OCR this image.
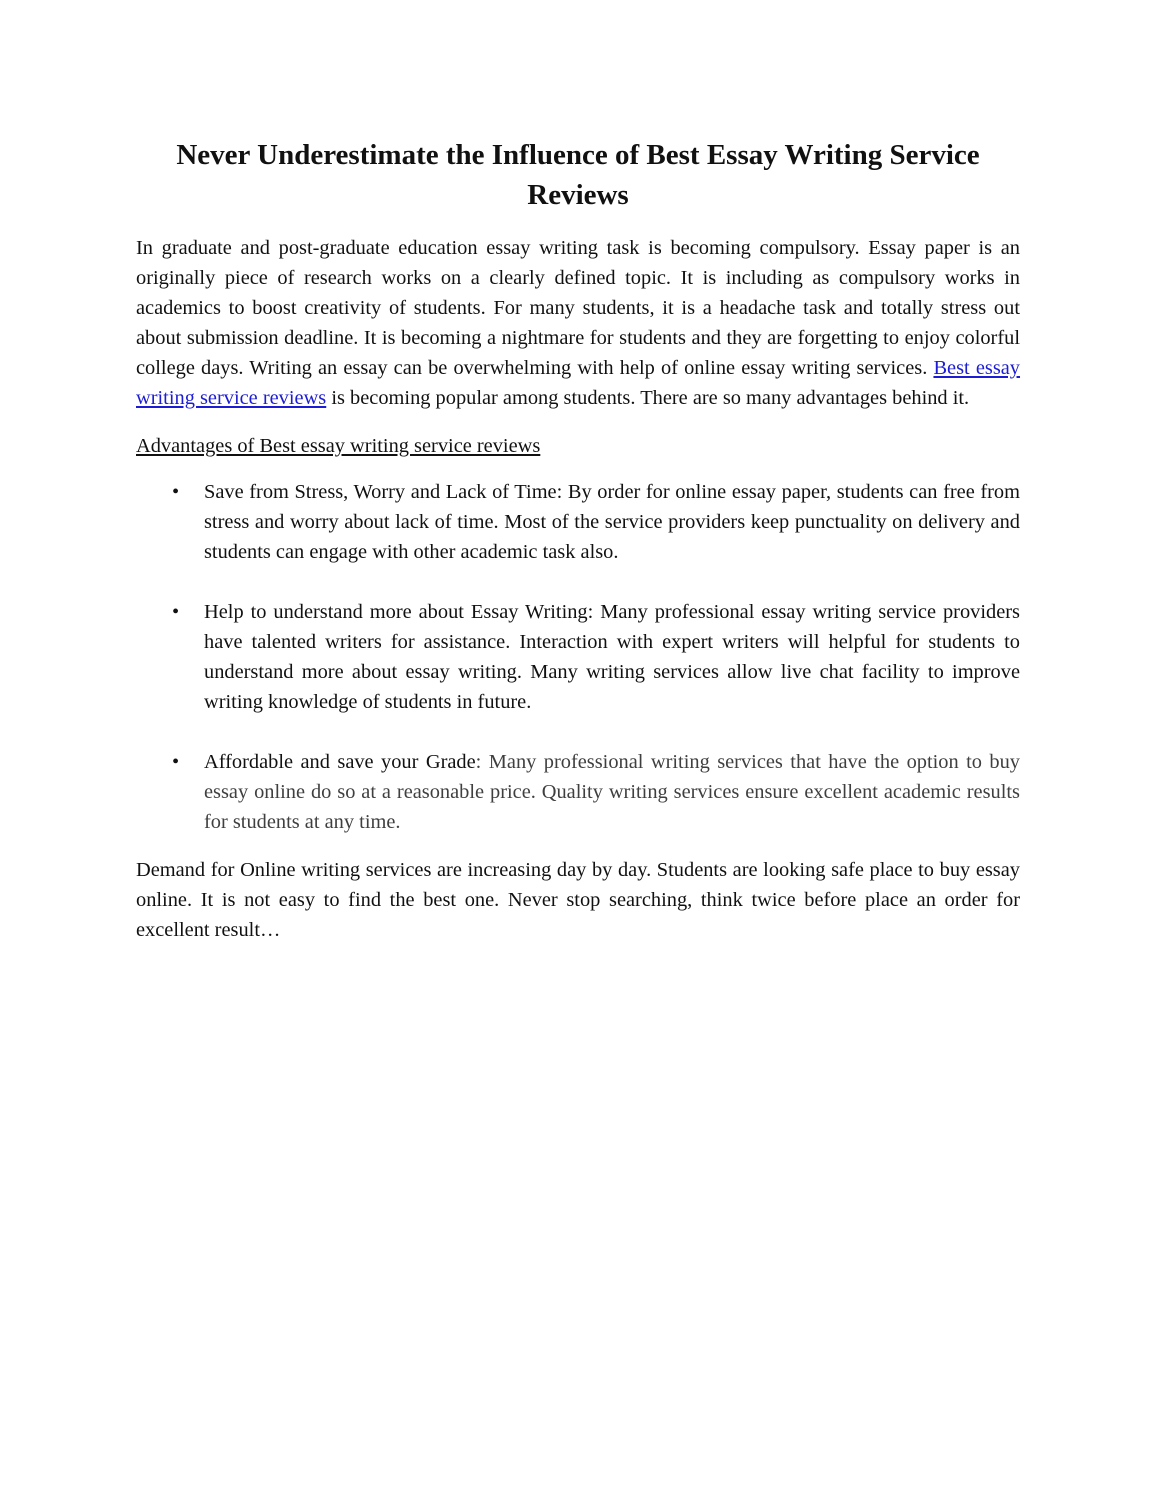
Never Underestimate the Influence of Best Essay Writing Service Reviews

In graduate and post-graduate education essay writing task is becoming compulsory. Essay paper is an originally piece of research works on a clearly defined topic. It is including as compulsory works in academics to boost creativity of students. For many students, it is a headache task and totally stress out about submission deadline. It is becoming a nightmare for students and they are forgetting to enjoy colorful college days. Writing an essay can be overwhelming with help of online essay writing services. Best essay writing service reviews is becoming popular among students. There are so many advantages behind it.

Advantages of Best essay writing service reviews

• Save from Stress, Worry and Lack of Time: By order for online essay paper, students can free from stress and worry about lack of time. Most of the service providers keep punctuality on delivery and students can engage with other academic task also.
• Help to understand more about Essay Writing: Many professional essay writing service providers have talented writers for assistance. Interaction with expert writers will helpful for students to understand more about essay writing. Many writing services allow live chat facility to improve writing knowledge of students in future.
• Affordable and save your Grade: Many professional writing services that have the option to buy essay online do so at a reasonable price. Quality writing services ensure excellent academic results for students at any time.

Demand for Online writing services are increasing day by day. Students are looking safe place to buy essay online. It is not easy to find the best one. Never stop searching, think twice before place an order for excellent result…
